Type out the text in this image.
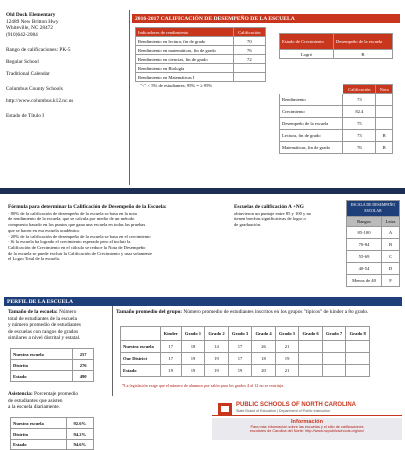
Old Dock Elementary
12489 New Britton Hwy
Whiteville, NC 28472
(910)642-2084
Rango de calificaciones: PK-5
Regular School
Traditional Calendar
Columbus County Schools
http://www.columbus.k12.nc.us
Estado de Título I
2016-2017 CALIFICACIÓN DE DESEMPEÑO DE LA ESCUELA
Indicadores de rendimiento	Calificación
Rendimiento en lectura, fin de grado	70
Rendimiento en matemáticas, fin de grado	76
Rendimiento en ciencias, fin de grado	72
Rendimiento en Biología	
Rendimiento en Matemáticas I	
"<" < 5% de estudiantes; 95% = ≥ 95%
Estado de Crecimiento	Desempeño de la escuela
Logró	B
	Calificación	Nota
Rendimiento	73	
Crecimiento	82.4	
Desempeño de la escuela	75	
Lectura, fin de grado	73	B
Matemáticas, fin de grado	76	B
Fórmula para determinar la Calificación de Desempeño de la Escuela:
· 80% de la calificación de desempeño de la escuela se basa en la nota
de rendimiento de la escuela, que se calcula por medio de un método
compuesto basado en los puntos que gana una escuela en todas las pruebas
que se hacen en esa escuela académico
· 20% de la calificación de desempeño de la escuela se basa en el crecimiento
· Si la escuela ha logrado el crecimiento esperado pero al incluir la
Calificación de Crecimiento en el cálculo se reduce la Nota de Desempeño
de la escuela se puede excluir la Calificación de Crecimiento y usar solamente
el Logro Total de la escuela.
Escuelas de calificación A +NG
obtuvieron un puntaje entre 85 y 100 y no
tienen brechas significativas de logro o
de graduación.
ESCALA DE DESEMPEÑO ESCOLAR	
Rangos	Letra
85-100	A
70-84	B
55-69	C
40-54	D
Menos de 40	F
PERFIL DE LA ESCUELA
Tamaño de la escuela: Número
total de estudiantes de la escuela
y número promedio de estudiantes
de escuelas con rangos de grados
similares a nivel distrital y estatal.
Nuestra escuela	257
Distrito	276
Estado	490
Tamaño promedio del grupo: Número promedio de estudiantes inscritos en los grupos "típicos" de kínder a 8o grado.
	Kinder	Grado 1	Grado 2	Grado 3	Grado 4	Grado 5	Grado 6	Grado 7	Grado 8
Nuestra escuela	17	18	14	17	26	21			
Our District	17	19	19	17	18	19			
Estado	19	19	19	19	20	21			
*La legislación exige que el número de alumnos por salón para los grados 4 al 12 no se restrinja.
Asistencia: Porcentaje promedio
de estudiantes que asisten
a la escuela diariamente.
Nuestra escuela	92.6%
Distrito	94.2%
Estado	94.6%
PUBLIC SCHOOLS OF NORTH CAROLINA
State Board of Education | Department of Public Instruction
Información
Para más información sobre las escuelas y el sitio de calificaciones
escolares de Carolina del Norte: http://www.ncpublicschools.org/src/
